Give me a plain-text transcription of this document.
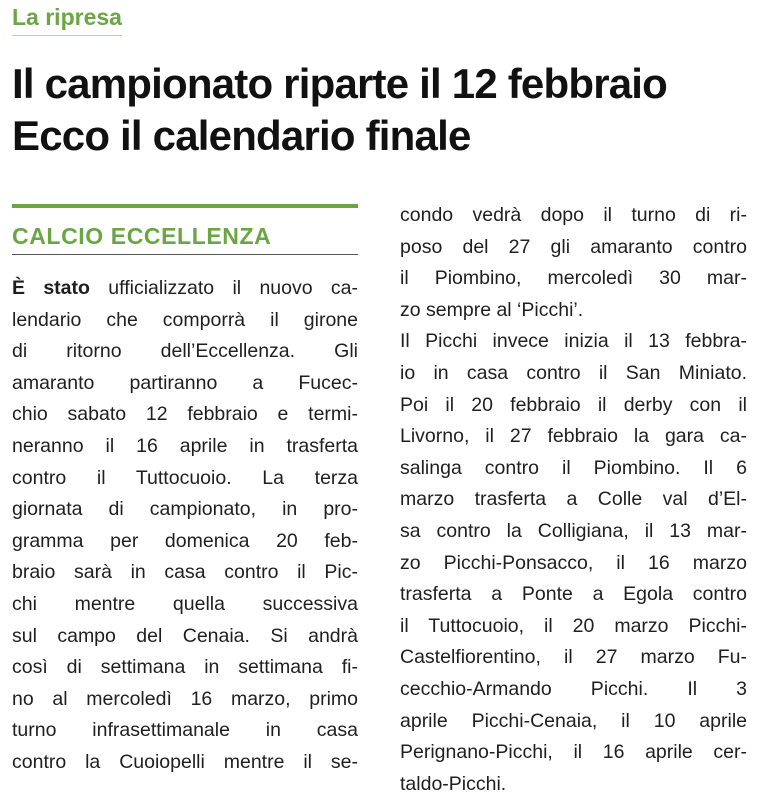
La ripresa
Il campionato riparte il 12 febbraio
Ecco il calendario finale
CALCIO ECCELLENZA
È stato ufficializzato il nuovo ca-
lendario che comporrà il girone
di ritorno dell’Eccellenza. Gli
amaranto partiranno a Fucec-
chio sabato 12 febbraio e termi-
neranno il 16 aprile in trasferta
contro il Tuttocuoio. La terza
giornata di campionato, in pro-
gramma per domenica 20 feb-
braio sarà in casa contro il Pic-
chi mentre quella successiva
sul campo del Cenaia. Si andrà
così di settimana in settimana fi-
no al mercoledì 16 marzo, primo
turno infrasettimanale in casa
contro la Cuoiopelli mentre il se-
condo vedrà dopo il turno di ri-
poso del 27 gli amaranto contro
il Piombino, mercoledì 30 mar-
zo sempre al ‘Picchi’.
Il Picchi invece inizia il 13 febbra-
io in casa contro il San Miniato.
Poi il 20 febbraio il derby con il
Livorno, il 27 febbraio la gara ca-
salinga contro il Piombino. Il 6
marzo trasferta a Colle val d’El-
sa contro la Colligiana, il 13 mar-
zo Picchi-Ponsacco, il 16 marzo
trasferta a Ponte a Egola contro
il Tuttocuoio, il 20 marzo Picchi-
Castelfiorentino, il 27 marzo Fu-
cecchio-Armando Picchi. Il 3
aprile Picchi-Cenaia, il 10 aprile
Perignano-Picchi, il 16 aprile cer-
taldo-Picchi.
